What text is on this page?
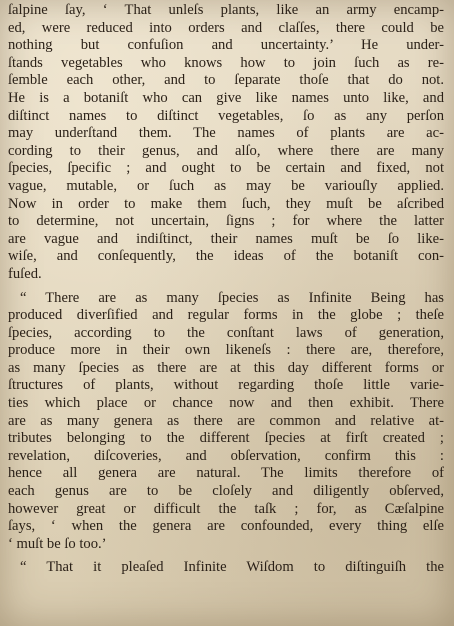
ſalpine ſay, ‘ That unleſs plants, like an army encamp-
ed, were reduced into orders and claſſes, there could be
nothing but confuſion and uncertainty.’ He under-
ſtands vegetables who knows how to join ſuch as re-
ſemble each other, and to ſeparate thoſe that do not.
He is a botaniſt who can give like names unto like, and
diſtinct names to diſtinct vegetables, ſo as any perſon
may underſtand them. The names of plants are ac-
cording to their genus, and alſo, where there are many
ſpecies, ſpecific ; and ought to be certain and fixed, not
vague, mutable, or ſuch as may be variouſly applied.
Now in order to make them ſuch, they muſt be aſcribed
to determine, not uncertain, ſigns ; for where the latter
are vague and indiſtinct, their names muſt be ſo like-
wiſe, and conſequently, the ideas of the botaniſt con-
fuſed.
“ There are as many ſpecies as Infinite Being has
produced diverſified and regular forms in the globe ; theſe
ſpecies, according to the conſtant laws of generation,
produce more in their own likeneſs : there are, therefore,
as many ſpecies as there are at this day different forms or
ſtructures of plants, without regarding thoſe little varie-
ties which place or chance now and then exhibit. There
are as many genera as there are common and relative at-
tributes belonging to the different ſpecies at firſt created ;
revelation, diſcoveries, and obſervation, confirm this :
hence all genera are natural. The limits therefore of
each genus are to be cloſely and diligently obſerved,
however great or difficult the taſk ; for, as Cæſalpine
ſays, ‘ when the genera are confounded, every thing elſe
‘ muſt be ſo too.’
“ That it pleaſed Infinite Wiſdom to diſtinguiſh the
